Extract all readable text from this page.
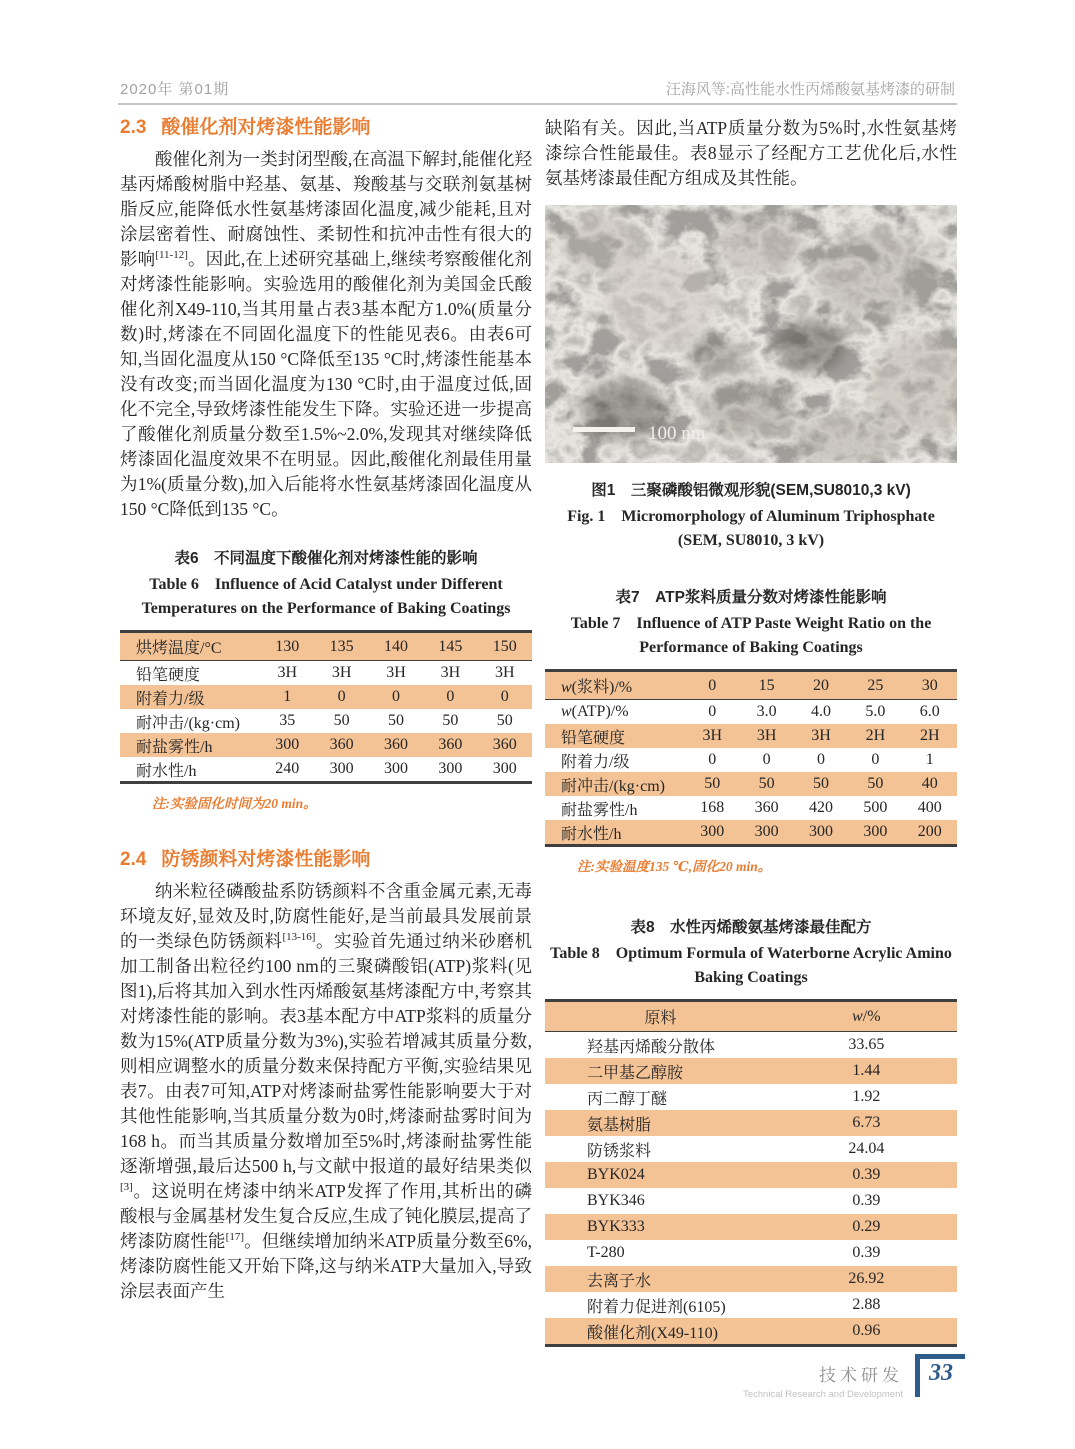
2020年 第01期	汪海风等:高性能水性丙烯酸氨基烤漆的研制
2.3 酸催化剂对烤漆性能影响

酸催化剂为一类封闭型酸,在高温下解封,能催化羟基丙烯酸树脂中羟基、氨基、羧酸基与交联剂氨基树脂反应,能降低水性氨基烤漆固化温度,减少能耗,且对涂层密着性、耐腐蚀性、柔韧性和抗冲击性有很大的影响[11-12]。因此,在上述研究基础上,继续考察酸催化剂对烤漆性能影响。实验选用的酸催化剂为美国金氏酸催化剂X49-110,当其用量占表3基本配方1.0%(质量分数)时,烤漆在不同固化温度下的性能见表6。由表6可知,当固化温度从150 °C降低至135 °C时,烤漆性能基本没有改变;而当固化温度为130 °C时,由于温度过低,固化不完全,导致烤漆性能发生下降。实验还进一步提高了酸催化剂质量分数至1.5%~2.0%,发现其对继续降低烤漆固化温度效果不在明显。因此,酸催化剂最佳用量为1%(质量分数),加入后能将水性氨基烤漆固化温度从150 °C降低到135 °C。

表6　不同温度下酸催化剂对烤漆性能的影响
Table 6　Influence of Acid Catalyst under Different Temperatures on the Performance of Baking Coatings
烘烤温度/°C	130	135	140	145	150
铅笔硬度	3H	3H	3H	3H	3H
附着力/级	1	0	0	0	0
耐冲击/(kg·cm)	35	50	50	50	50
耐盐雾性/h	300	360	360	360	360
耐水性/h	240	300	300	300	300
注:实验固化时间为20 min。
2.4 防锈颜料对烤漆性能影响

纳米粒径磷酸盐系防锈颜料不含重金属元素,无毒环境友好,显效及时,防腐性能好,是当前最具发展前景的一类绿色防锈颜料[13-16]。实验首先通过纳米砂磨机加工制备出粒径约100 nm的三聚磷酸铝(ATP)浆料(见图1),后将其加入到水性丙烯酸氨基烤漆配方中,考察其对烤漆性能的影响。表3基本配方中ATP浆料的质量分数为15%(ATP质量分数为3%),实验若增减其质量分数,则相应调整水的质量分数来保持配方平衡,实验结果见表7。由表7可知,ATP对烤漆耐盐雾性能影响要大于对其他性能影响,当其质量分数为0时,烤漆耐盐雾时间为168 h。而当其质量分数增加至5%时,烤漆耐盐雾性能逐渐增强,最后达500 h,与文献中报道的最好结果类似[3]。这说明在烤漆中纳米ATP发挥了作用,其析出的磷酸根与金属基材发生复合反应,生成了钝化膜层,提高了烤漆防腐性能[17]。但继续增加纳米ATP质量分数至6%,烤漆防腐性能又开始下降,这与纳米ATP大量加入,导致涂层表面产生

缺陷有关。因此,当ATP质量分数为5%时,水性氨基烤漆综合性能最佳。表8显示了经配方工艺优化后,水性氨基烤漆最佳配方组成及其性能。

100 nm
图1　三聚磷酸铝微观形貌(SEM,SU8010,3 kV)
Fig. 1　Micromorphology of Aluminum Triphosphate (SEM, SU8010, 3 kV)
表7　ATP浆料质量分数对烤漆性能影响
Table 7　Influence of ATP Paste Weight Ratio on the Performance of Baking Coatings
w(浆料)/%	0	15	20	25	30
w(ATP)/%	0	3.0	4.0	5.0	6.0
铅笔硬度	3H	3H	3H	2H	2H
附着力/级	0	0	0	0	1
耐冲击/(kg·cm)	50	50	50	50	40
耐盐雾性/h	168	360	420	500	400
耐水性/h	300	300	300	300	200
注:实验温度135 ℃,固化20 min。
表8　水性丙烯酸氨基烤漆最佳配方
Table 8　Optimum Formula of Waterborne Acrylic Amino Baking Coatings
原料	w/%
羟基丙烯酸分散体	33.65
二甲基乙醇胺	1.44
丙二醇丁醚	1.92
氨基树脂	6.73
防锈浆料	24.04
BYK024	0.39
BYK346	0.39
BYK333	0.29
T-280	0.39
去离子水	26.92
附着力促进剂(6105)	2.88
酸催化剂(X49-110)	0.96
技术研发
Technical Research and Development
33
